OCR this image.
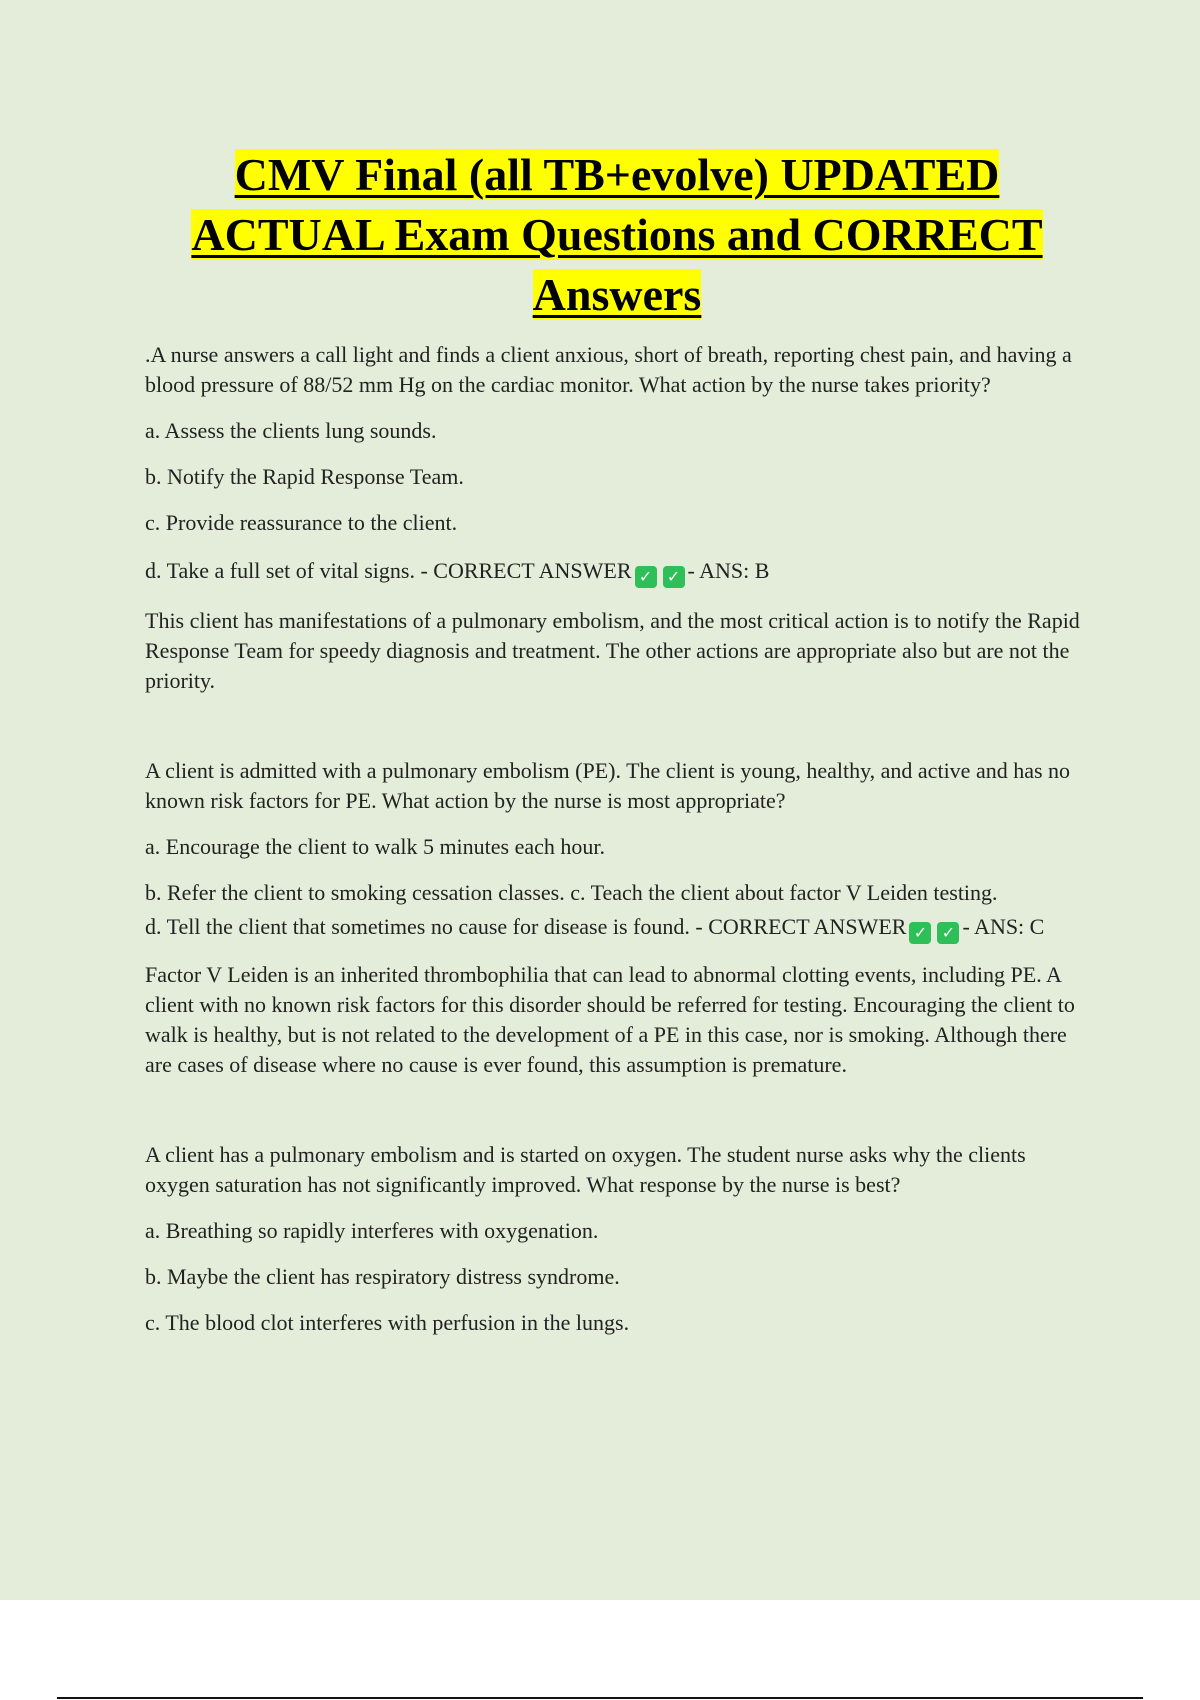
CMV Final (all TB+evolve) UPDATED
ACTUAL Exam Questions and CORRECT
Answers

.A nurse answers a call light and finds a client anxious, short of breath, reporting chest pain, and having a blood pressure of 88/52 mm Hg on the cardiac monitor. What action by the nurse takes priority?

a. Assess the clients lung sounds.

b. Notify the Rapid Response Team.

c. Provide reassurance to the client.

d. Take a full set of vital signs. - CORRECT ANSWER ✓ ✓ - ANS: B

This client has manifestations of a pulmonary embolism, and the most critical action is to notify the Rapid Response Team for speedy diagnosis and treatment. The other actions are appropriate also but are not the priority.

A client is admitted with a pulmonary embolism (PE). The client is young, healthy, and active and has no known risk factors for PE. What action by the nurse is most appropriate?

a. Encourage the client to walk 5 minutes each hour.

b. Refer the client to smoking cessation classes. c. Teach the client about factor V Leiden testing.

d. Tell the client that sometimes no cause for disease is found. - CORRECT ANSWER ✓ ✓ - ANS: C

Factor V Leiden is an inherited thrombophilia that can lead to abnormal clotting events, including PE. A client with no known risk factors for this disorder should be referred for testing. Encouraging the client to walk is healthy, but is not related to the development of a PE in this case, nor is smoking. Although there are cases of disease where no cause is ever found, this assumption is premature.

A client has a pulmonary embolism and is started on oxygen. The student nurse asks why the clients oxygen saturation has not significantly improved. What response by the nurse is best?

a. Breathing so rapidly interferes with oxygenation.

b. Maybe the client has respiratory distress syndrome.

c. The blood clot interferes with perfusion in the lungs.
